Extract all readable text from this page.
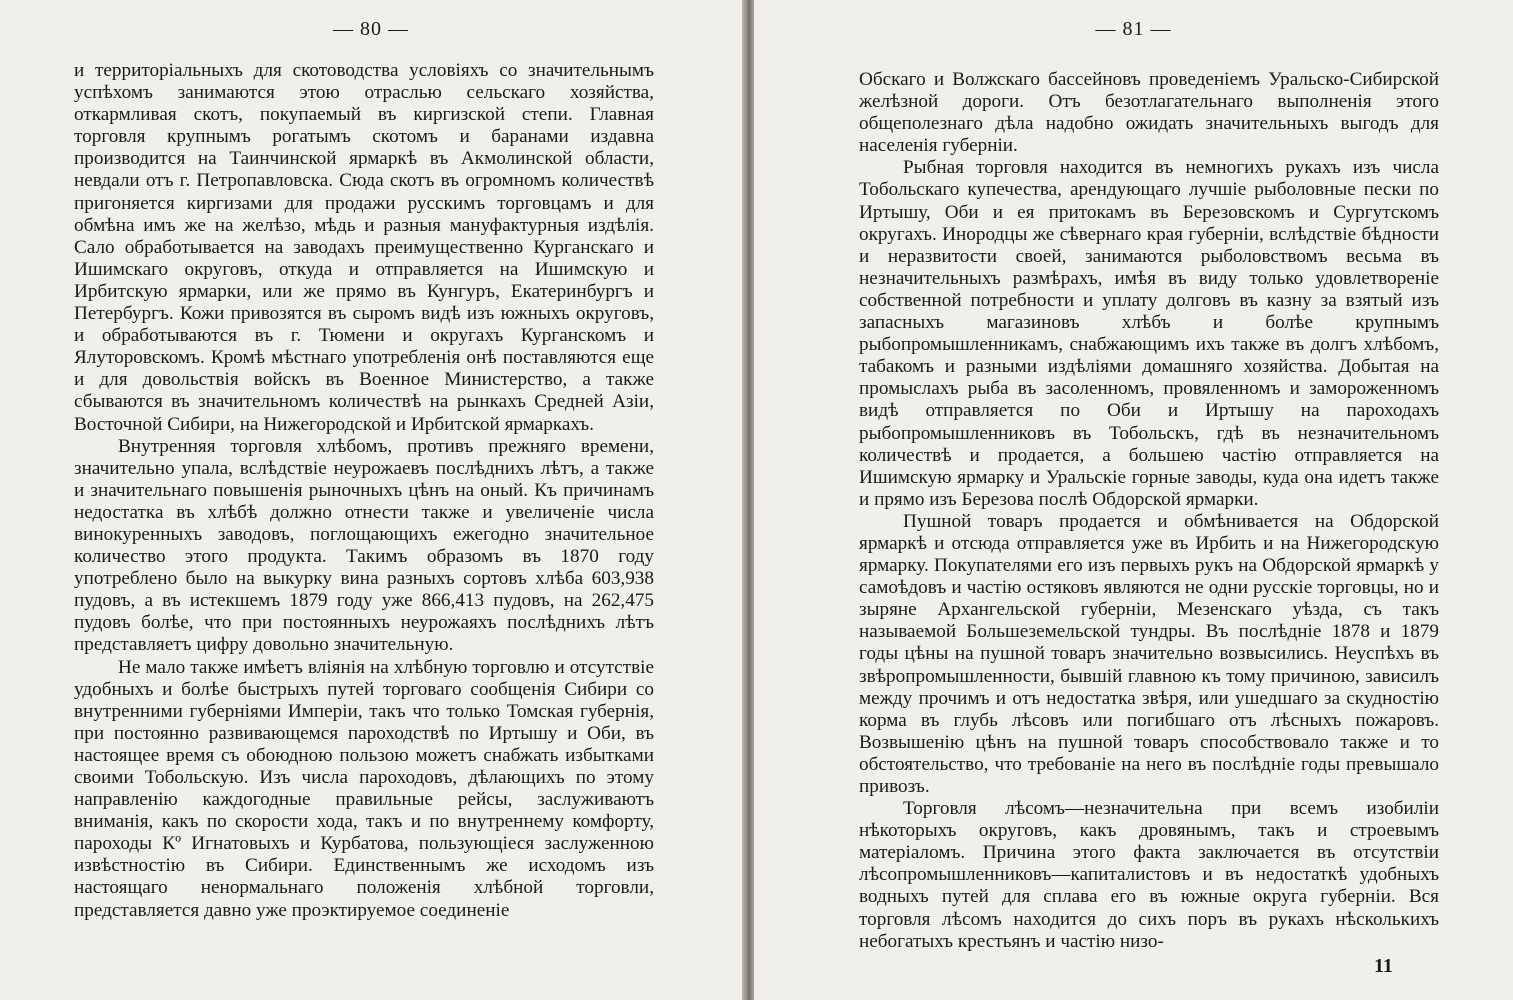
— 80 —

и территоріальныхъ для скотоводства условіяхъ со значительнымъ успѣхомъ занимаются этою отраслью сельскаго хозяйства, откармливая скотъ, покупаемый въ киргизской степи. Главная торговля крупнымъ рогатымъ скотомъ и баранами издавна производится на Таинчинской ярмаркѣ въ Акмолинской области, невдали отъ г. Петропавловска. Сюда скотъ въ огромномъ количествѣ пригоняется киргизами для продажи русскимъ торговцамъ и для обмѣна имъ же на желѣзо, мѣдь и разныя мануфактурныя издѣлія. Сало обработывается на заводахъ преимущественно Курганскаго и Ишимскаго округовъ, откуда и отправляется на Ишимскую и Ирбитскую ярмарки, или же прямо въ Кунгуръ, Екатеринбургъ и Петербургъ. Кожи привозятся въ сыромъ видѣ изъ южныхъ округовъ, и обработываются въ г. Тюмени и округахъ Курганскомъ и Ялуторовскомъ. Кромѣ мѣстнаго употребленія онѣ поставляются еще и для довольствія войскъ въ Военное Министерство, а также сбываются въ значительномъ количествѣ на рынкахъ Средней Азіи, Восточной Сибири, на Нижегородской и Ирбитской ярмаркахъ.

Внутренняя торговля хлѣбомъ, противъ прежняго времени, значительно упала, вслѣдствіе неурожаевъ послѣднихъ лѣтъ, а также и значительнаго повышенія рыночныхъ цѣнъ на оный. Къ причинамъ недостатка въ хлѣбѣ должно отнести также и увеличеніе числа винокуренныхъ заводовъ, поглощающихъ ежегодно значительное количество этого продукта. Такимъ образомъ въ 1870 году употреблено было на выкурку вина разныхъ сортовъ хлѣба 603,938 пудовъ, а въ истекшемъ 1879 году уже 866,413 пудовъ, на 262,475 пудовъ болѣе, что при постоянныхъ неурожаяхъ послѣднихъ лѣтъ представляетъ цифру довольно значительную.

Не мало также имѣетъ вліянія на хлѣбную торговлю и отсутствіе удобныхъ и болѣе быстрыхъ путей торговаго сообщенія Сибири со внутренними губерніями Имперіи, такъ что только Томская губернія, при постоянно развивающемся пароходствѣ по Иртышу и Оби, въ настоящее время съ обоюдною пользою можетъ снабжать избытками своими Тобольскую. Изъ числа пароходовъ, дѣлающихъ по этому направленію каждогодные правильные рейсы, заслуживаютъ вниманія, какъ по скорости хода, такъ и по внутреннему комфорту, пароходы Кº Игнатовыхъ и Курбатова, пользующіеся заслуженною извѣстностію въ Сибири. Единственнымъ же исходомъ изъ настоящаго ненормальнаго положенія хлѣбной торговли, представляется давно уже проэктируемое соединеніе

— 81 —

Обскаго и Волжскаго бассейновъ проведеніемъ Уральско-Сибирской желѣзной дороги. Отъ безотлагательнаго выполненія этого общеполезнаго дѣла надобно ожидать значительныхъ выгодъ для населенія губерніи.

Рыбная торговля находится въ немногихъ рукахъ изъ числа Тобольскаго купечества, арендующаго лучшіе рыболовные пески по Иртышу, Оби и ея притокамъ въ Березовскомъ и Сургутскомъ округахъ. Инородцы же сѣвернаго края губерніи, вслѣдствіе бѣдности и неразвитости своей, занимаются рыболовствомъ весьма въ незначительныхъ размѣрахъ, имѣя въ виду только удовлетвореніе собственной потребности и уплату долговъ въ казну за взятый изъ запасныхъ магазиновъ хлѣбъ и болѣе крупнымъ рыбопромышленникамъ, снабжающимъ ихъ также въ долгъ хлѣбомъ, табакомъ и разными издѣліями домашняго хозяйства. Добытая на промыслахъ рыба въ засоленномъ, провяленномъ и замороженномъ видѣ отправляется по Оби и Иртышу на пароходахъ рыбопромышленниковъ въ Тобольскъ, гдѣ въ незначительномъ количествѣ и продается, а большею частію отправляется на Ишимскую ярмарку и Уральскіе горные заводы, куда она идетъ также и прямо изъ Березова послѣ Обдорской ярмарки.

Пушной товаръ продается и обмѣнивается на Обдорской ярмаркѣ и отсюда отправляется уже въ Ирбить и на Нижегородскую ярмарку. Покупателями его изъ первыхъ рукъ на Обдорской ярмаркѣ у самоѣдовъ и частію остяковъ являются не одни русскіе торговцы, но и зыряне Архангельской губерніи, Мезенскаго уѣзда, съ такъ называемой Большеземельской тундры. Въ послѣдніе 1878 и 1879 годы цѣны на пушной товаръ значительно возвысились. Неуспѣхъ въ звѣропромышленности, бывшій главною къ тому причиною, зависилъ между прочимъ и отъ недостатка звѣря, или ушедшаго за скудностію корма въ глубь лѣсовъ или погибшаго отъ лѣсныхъ пожаровъ. Возвышенію цѣнъ на пушной товаръ способствовало также и то обстоятельство, что требованіе на него въ послѣдніе годы превышало привозъ.

Торговля лѣсомъ—незначительна при всемъ изобиліи нѣкоторыхъ округовъ, какъ дровянымъ, такъ и строевымъ матеріаломъ. Причина этого факта заключается въ отсутствіи лѣсопромышленниковъ—капиталистовъ и въ недостаткѣ удобныхъ водныхъ путей для сплава его въ южные округа губерніи. Вся торговля лѣсомъ находится до сихъ поръ въ рукахъ нѣсколькихъ небогатыхъ крестьянъ и частію низо-

11
